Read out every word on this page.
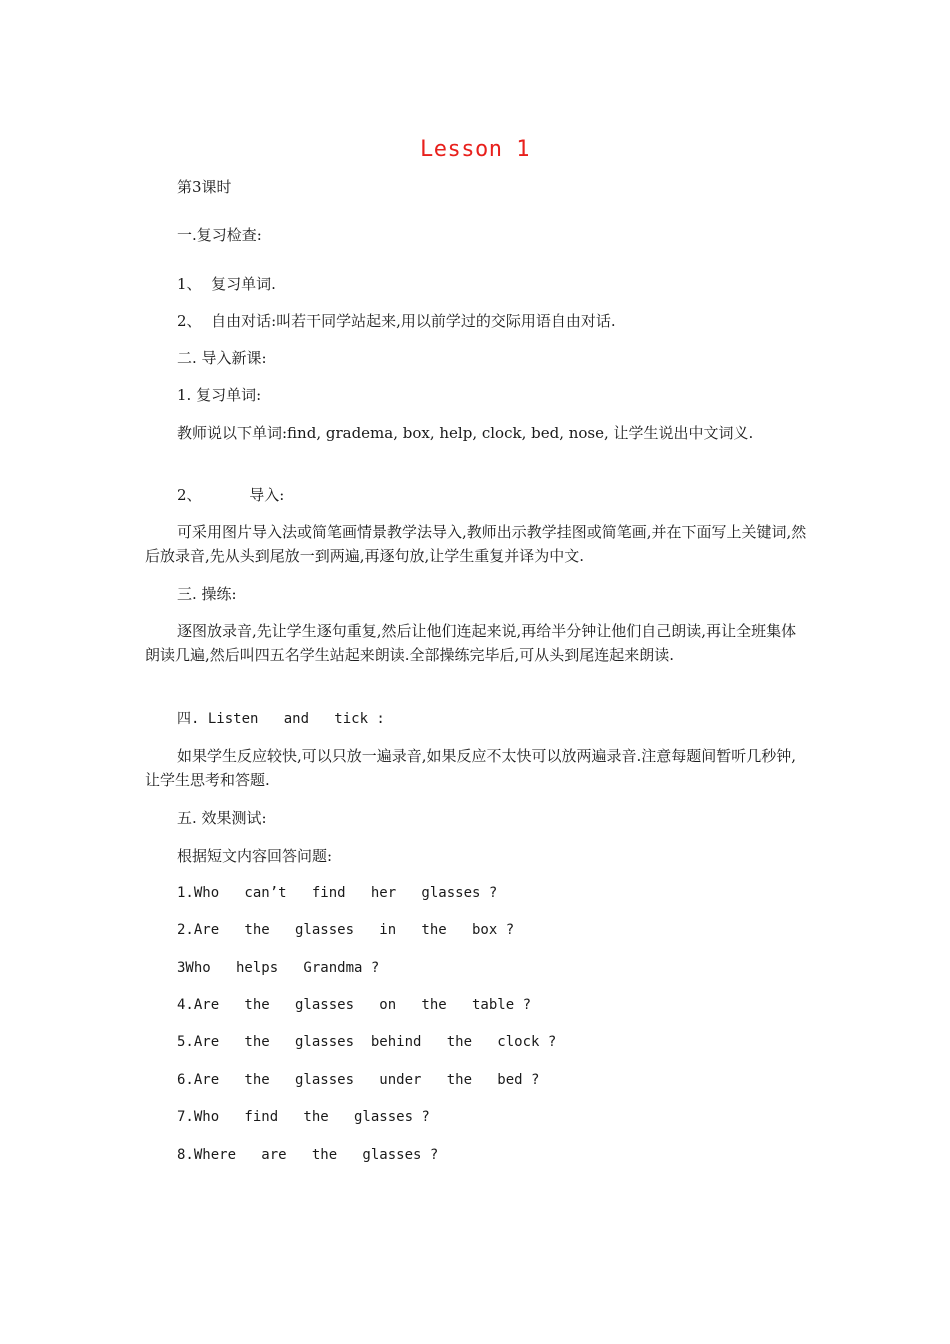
Lesson 1
第3课时
一.复习检查:
1、  复习单词.
2、  自由对话:叫若干同学站起来,用以前学过的交际用语自由对话.
二. 导入新课:
1. 复习单词:
教师说以下单词:find, gradema, box, help, clock, bed, nose, 让学生说出中文词义.
2、          导入:
可采用图片导入法或简笔画情景教学法导入,教师出示教学挂图或简笔画,并在下面写上关键词,然后放录音,先从头到尾放一到两遍,再逐句放,让学生重复并译为中文.
三. 操练:
逐图放录音,先让学生逐句重复,然后让他们连起来说,再给半分钟让他们自己朗读,再让全班集体朗读几遍,然后叫四五名学生站起来朗读.全部操练完毕后,可从头到尾连起来朗读.
四. Listen   and   tick :
如果学生反应较快,可以只放一遍录音,如果反应不太快可以放两遍录音.注意每题间暂听几秒钟,让学生思考和答题.
五. 效果测试:
根据短文内容回答问题:
1.Who   can’t   find   her   glasses ?
2.Are   the   glasses   in   the   box ?
3Who   helps   Grandma ?
4.Are   the   glasses   on   the   table ?
5.Are   the   glasses  behind   the   clock ?
6.Are   the   glasses   under   the   bed ?
7.Who   find   the   glasses ?
8.Where   are   the   glasses ?
